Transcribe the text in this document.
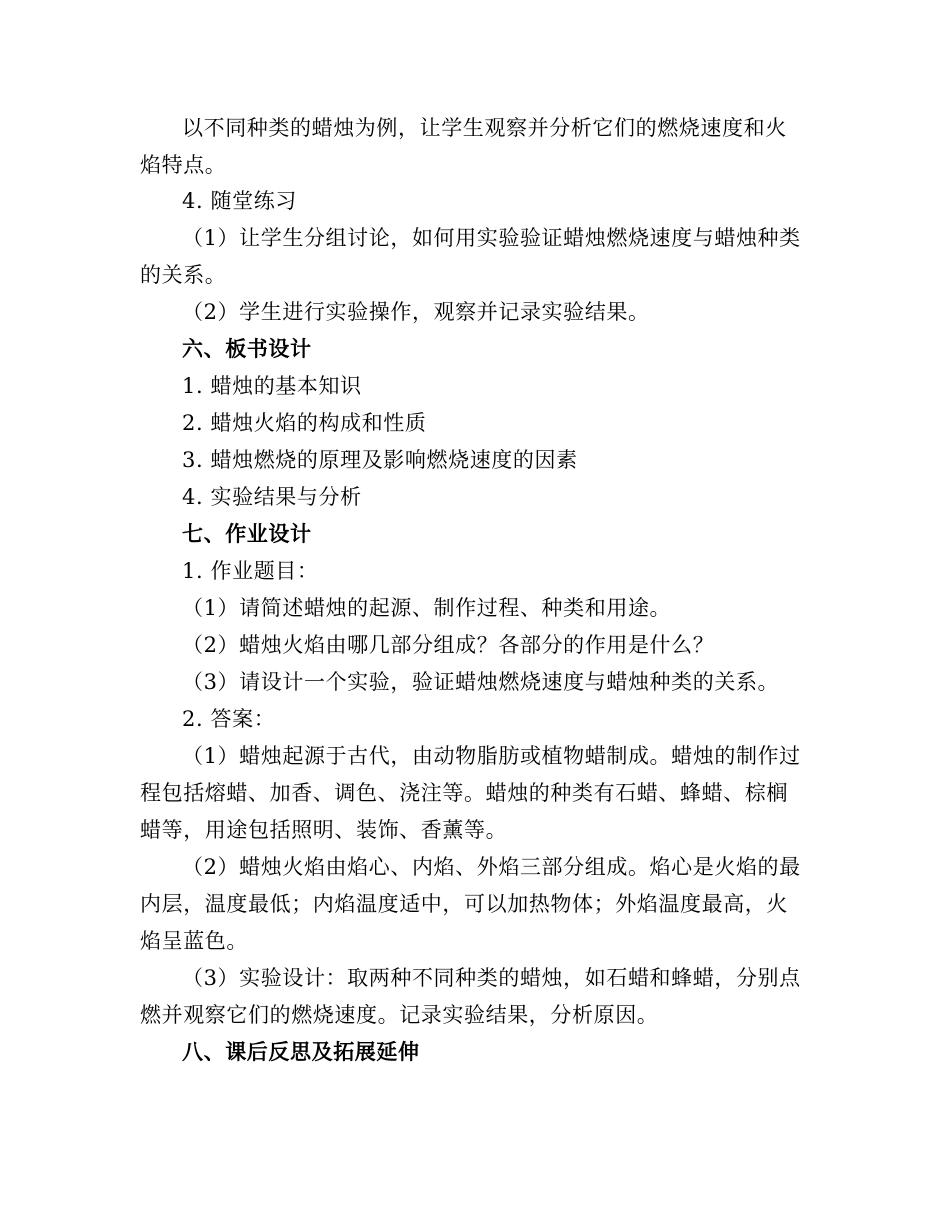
以不同种类的蜡烛为例，让学生观察并分析它们的燃烧速度和火
焰特点。
4. 随堂练习
（1）让学生分组讨论，如何用实验验证蜡烛燃烧速度与蜡烛种类
的关系。
（2）学生进行实验操作，观察并记录实验结果。
六、板书设计
1. 蜡烛的基本知识
2. 蜡烛火焰的构成和性质
3. 蜡烛燃烧的原理及影响燃烧速度的因素
4. 实验结果与分析
七、作业设计
1. 作业题目：
（1）请简述蜡烛的起源、制作过程、种类和用途。
（2）蜡烛火焰由哪几部分组成？各部分的作用是什么？
（3）请设计一个实验，验证蜡烛燃烧速度与蜡烛种类的关系。
2. 答案：
（1）蜡烛起源于古代，由动物脂肪或植物蜡制成。蜡烛的制作过
程包括熔蜡、加香、调色、浇注等。蜡烛的种类有石蜡、蜂蜡、棕榈
蜡等，用途包括照明、装饰、香薰等。
（2）蜡烛火焰由焰心、内焰、外焰三部分组成。焰心是火焰的最
内层，温度最低；内焰温度适中，可以加热物体；外焰温度最高，火
焰呈蓝色。
（3）实验设计：取两种不同种类的蜡烛，如石蜡和蜂蜡，分别点
燃并观察它们的燃烧速度。记录实验结果，分析原因。
八、课后反思及拓展延伸
